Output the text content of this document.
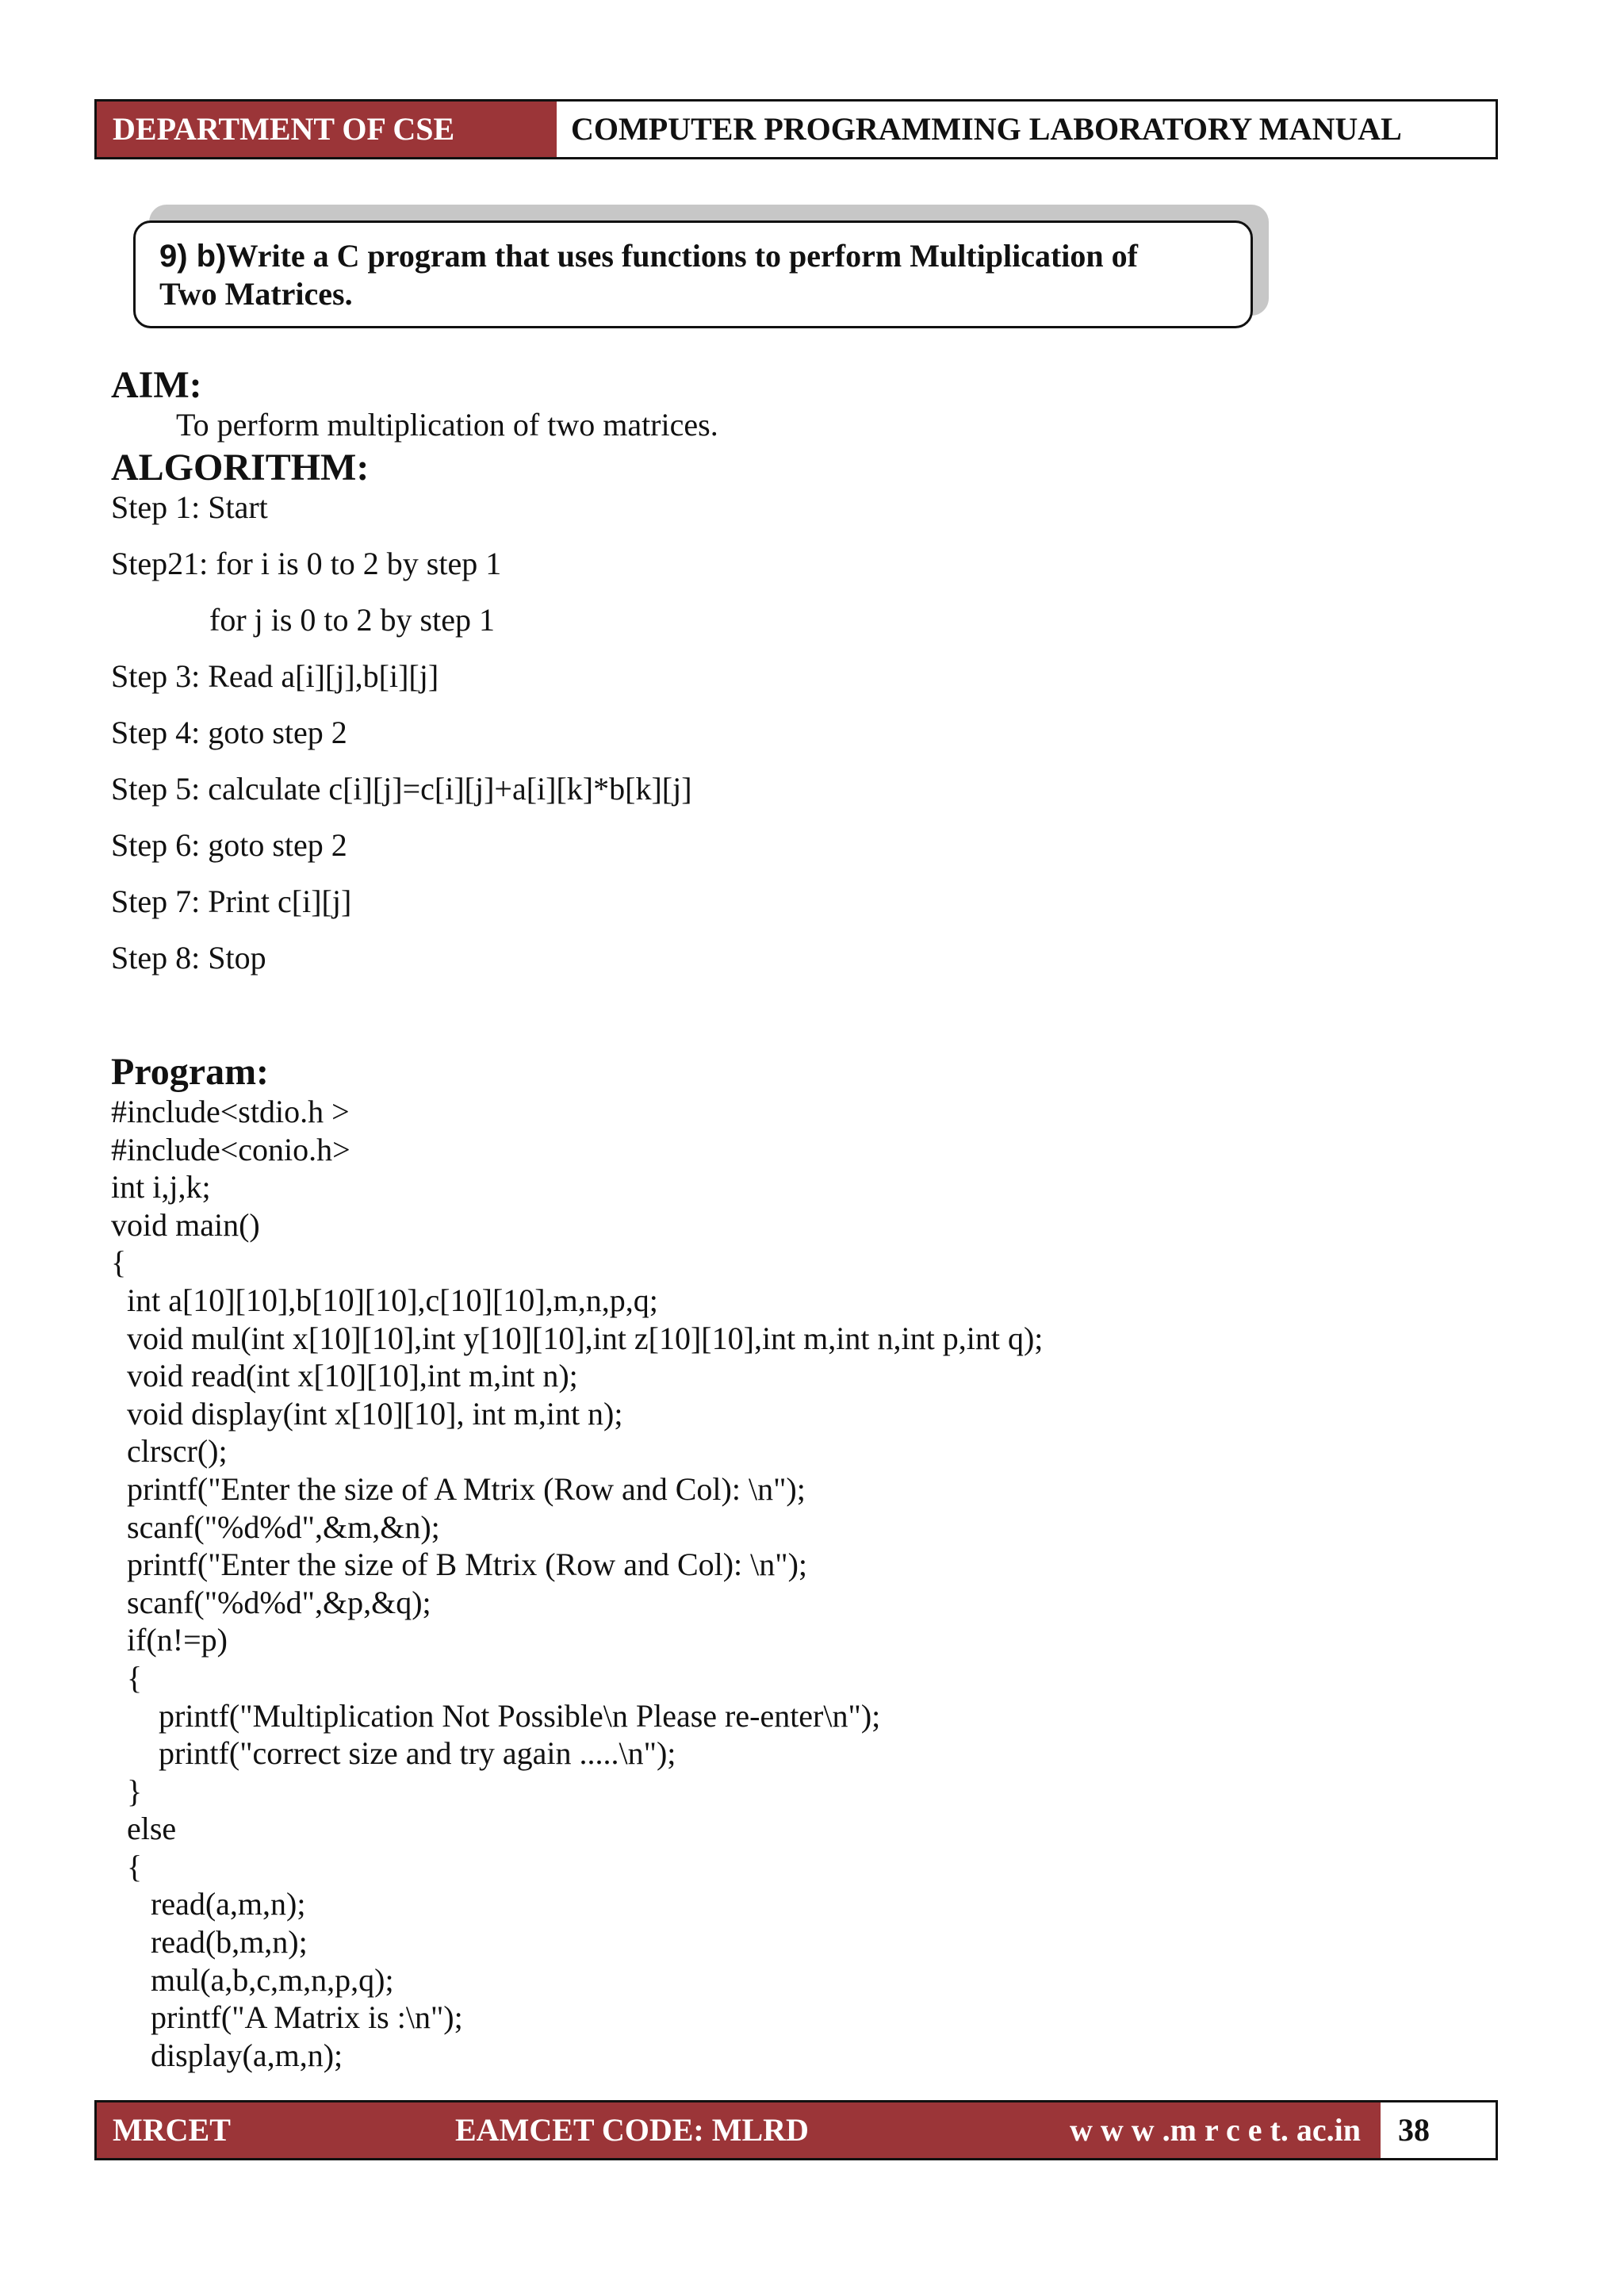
DEPARTMENT OF CSE	COMPUTER PROGRAMMING LABORATORY MANUAL
9) b)Write a C program that uses functions to perform Multiplication of
Two Matrices.
AIM:
To perform multiplication of two matrices.
ALGORITHM:
Step 1: Start
Step21: for i is 0 to 2 by step 1
for j is 0 to 2 by step 1
Step 3: Read a[i][j],b[i][j]
Step 4: goto step 2
Step 5: calculate c[i][j]=c[i][j]+a[i][k]*b[k][j]
Step 6: goto step 2
Step 7: Print c[i][j]
Step 8: Stop
Program:
#include<stdio.h >
#include<conio.h>
int i,j,k;
void main()
{
int a[10][10],b[10][10],c[10][10],m,n,p,q;
void mul(int x[10][10],int y[10][10],int z[10][10],int m,int n,int p,int q);
void read(int x[10][10],int m,int n);
void display(int x[10][10], int m,int n);
clrscr();
printf("Enter the size of A Mtrix (Row and Col): \n");
scanf("%d%d",&m,&n);
printf("Enter the size of B Mtrix (Row and Col): \n");
scanf("%d%d",&p,&q);
if(n!=p)
{
printf("Multiplication Not Possible\n Please re-enter\n");
printf("correct size and try again .....\n");
}
else
{
read(a,m,n);
read(b,m,n);
mul(a,b,c,m,n,p,q);
printf("A Matrix is :\n");
display(a,m,n);
MRCET	EAMCET CODE: MLRD	w w w .m r c e t. ac.in	38
